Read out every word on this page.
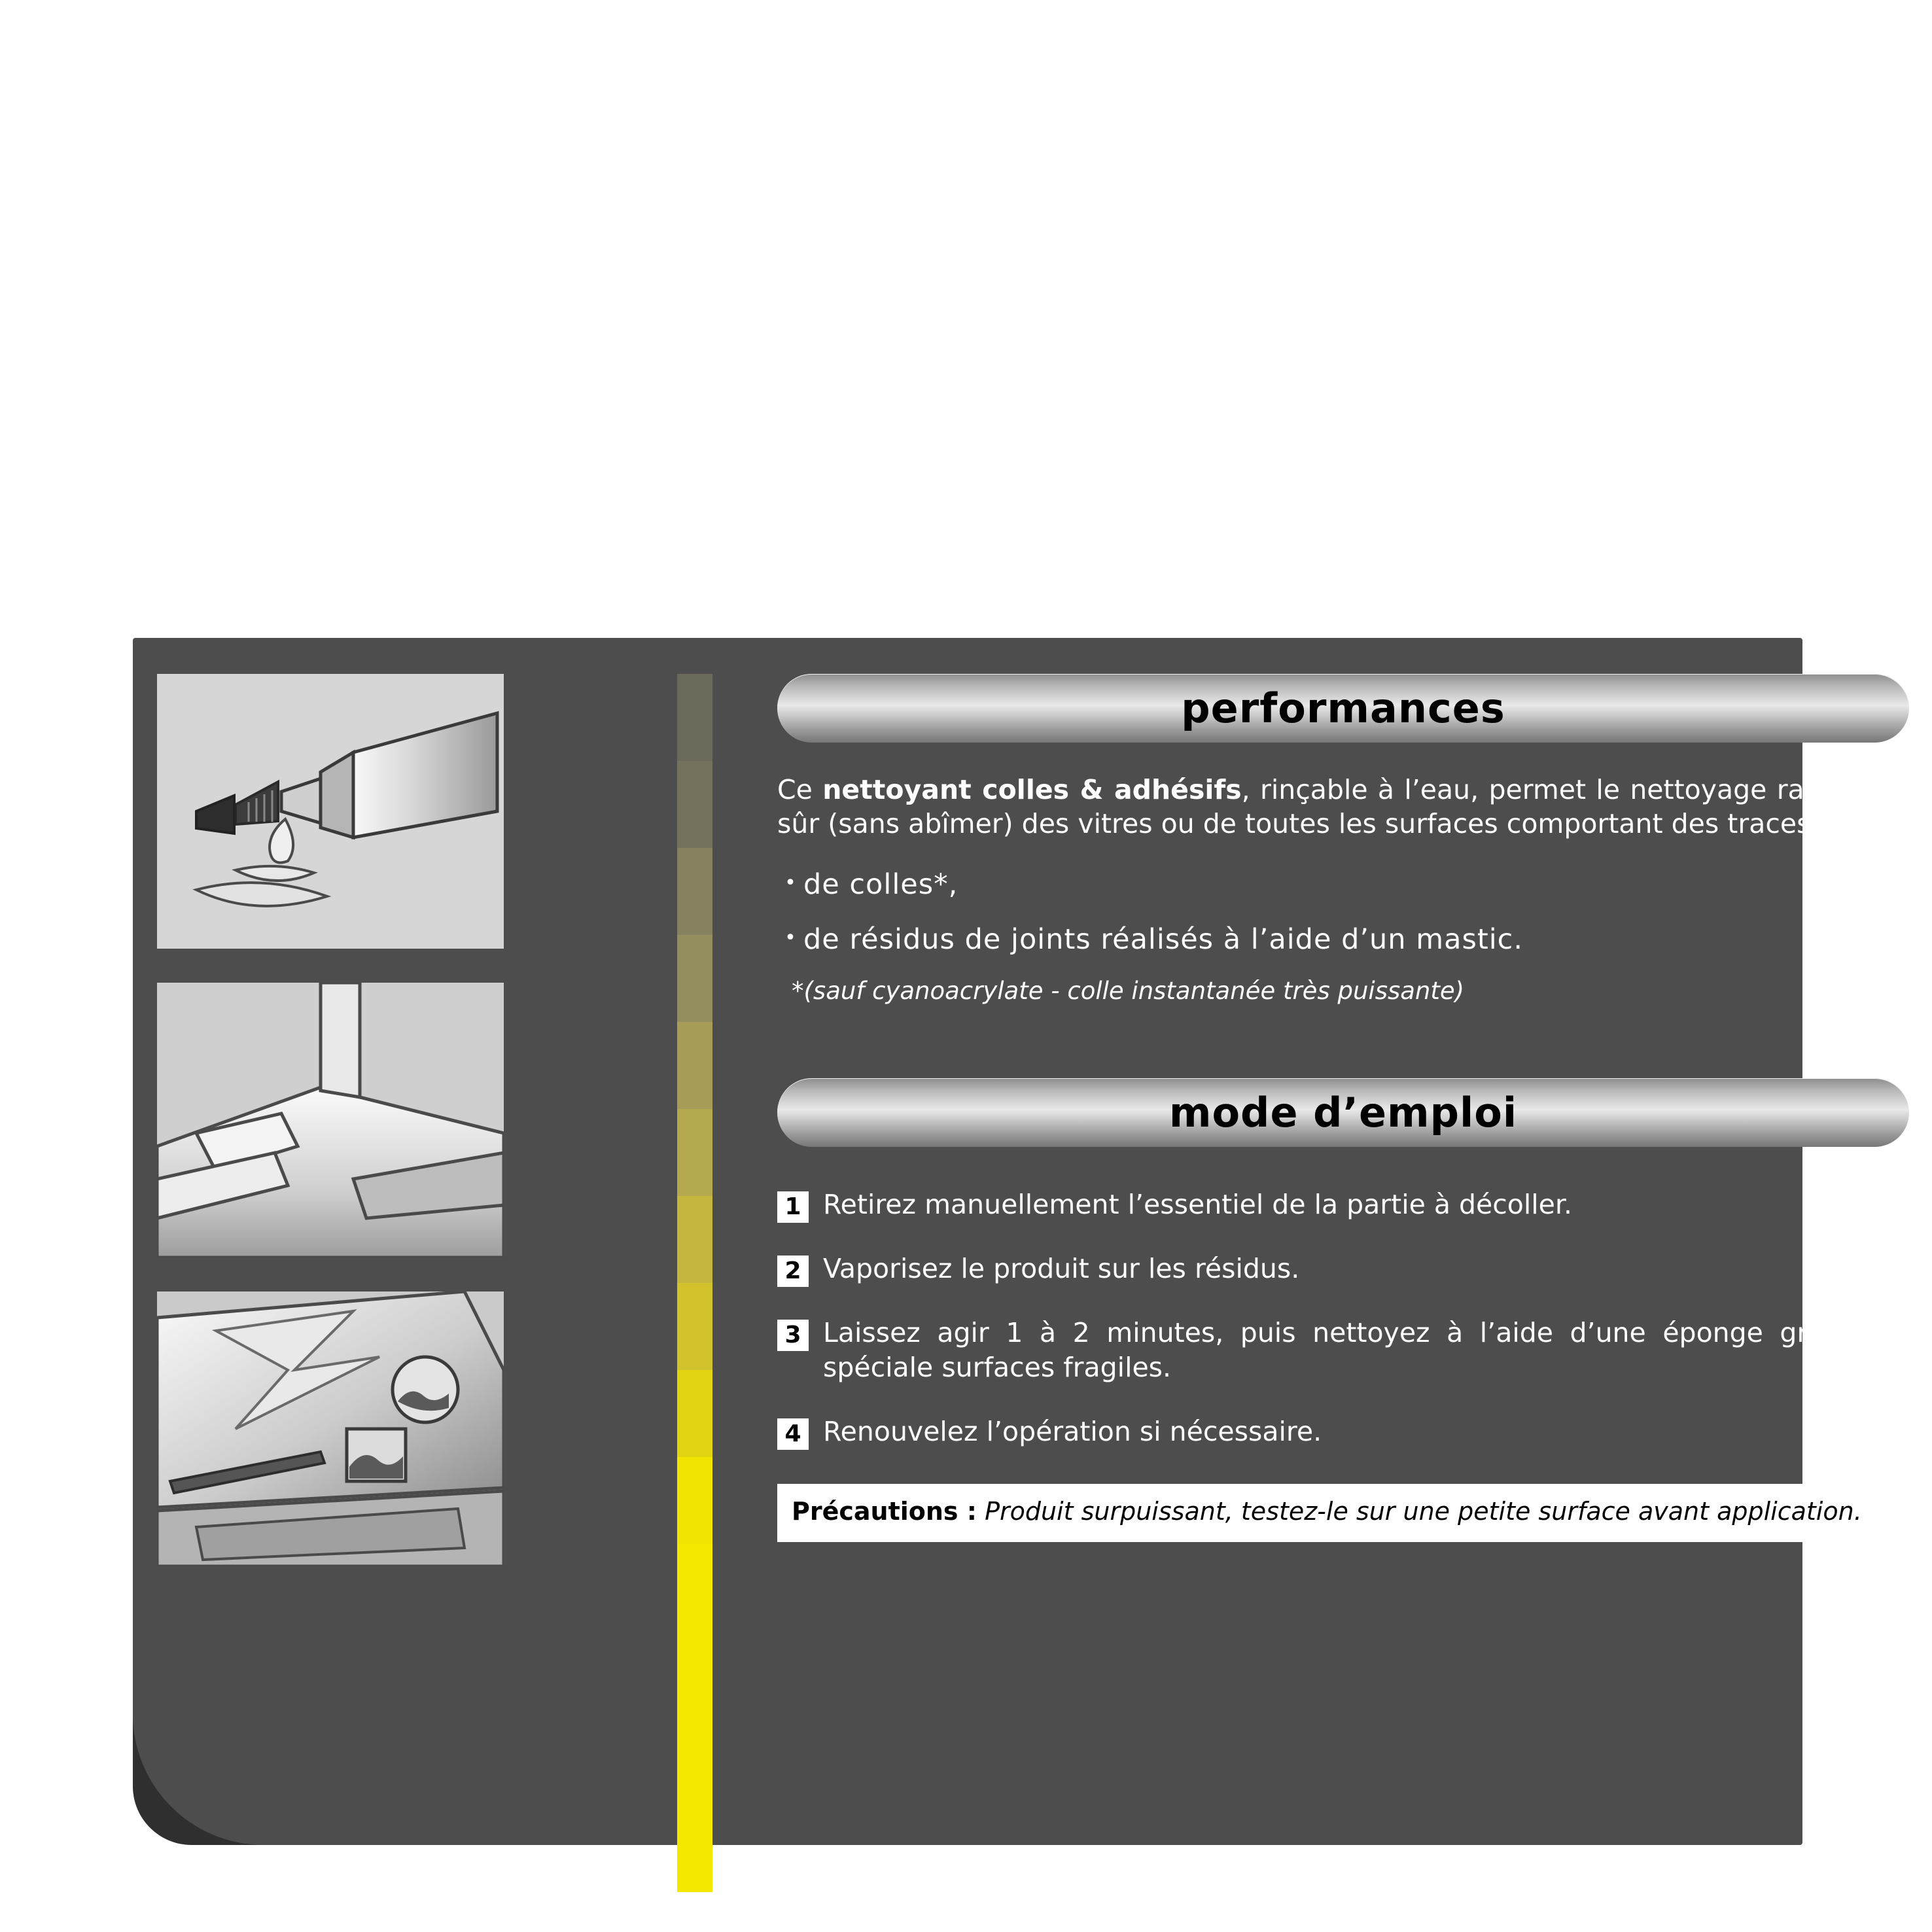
performances

Ce nettoyant colles & adhésifs, rinçable à l’eau, permet le nettoyage rapide et sûr (sans abîmer) des vitres ou de toutes les surfaces comportant des traces :

• de colles*,
• de résidus de joints réalisés à l’aide d’un mastic.
*(sauf cyanoacrylate - colle instantanée très puissante)
mode d’emploi
1 Retirez manuellement l’essentiel de la partie à décoller.
2 Vaporisez le produit sur les résidus.
3 Laissez agir 1 à 2 minutes, puis nettoyez à l’aide d’une éponge grattante spéciale surfaces fragiles.
4 Renouvelez l’opération si nécessaire.
Précautions : Produit surpuissant, testez-le sur une petite surface avant application.
